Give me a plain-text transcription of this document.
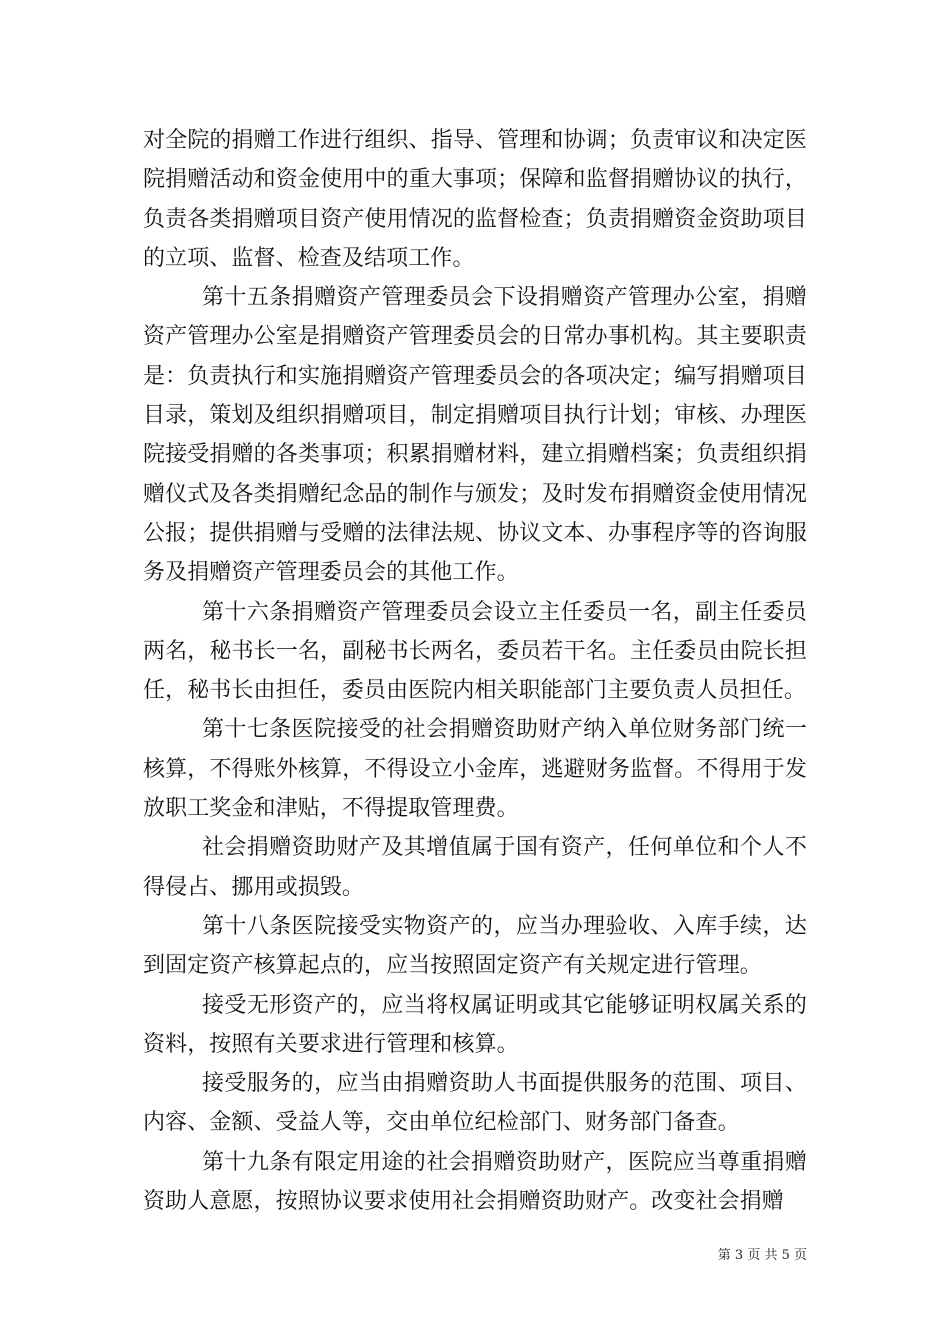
对全院的捐赠工作进行组织、指导、管理和协调；负责审议和决定医院捐赠活动和资金使用中的重大事项；保障和监督捐赠协议的执行，负责各类捐赠项目资产使用情况的监督检查；负责捐赠资金资助项目的立项、监督、检查及结项工作。

第十五条捐赠资产管理委员会下设捐赠资产管理办公室，捐赠资产管理办公室是捐赠资产管理委员会的日常办事机构。其主要职责是：负责执行和实施捐赠资产管理委员会的各项决定；编写捐赠项目目录，策划及组织捐赠项目，制定捐赠项目执行计划；审核、办理医院接受捐赠的各类事项；积累捐赠材料，建立捐赠档案；负责组织捐赠仪式及各类捐赠纪念品的制作与颁发；及时发布捐赠资金使用情况公报；提供捐赠与受赠的法律法规、协议文本、办事程序等的咨询服务及捐赠资产管理委员会的其他工作。

第十六条捐赠资产管理委员会设立主任委员一名，副主任委员两名，秘书长一名，副秘书长两名，委员若干名。主任委员由院长担任，秘书长由担任，委员由医院内相关职能部门主要负责人员担任。

第十七条医院接受的社会捐赠资助财产纳入单位财务部门统一核算，不得账外核算，不得设立小金库，逃避财务监督。不得用于发放职工奖金和津贴，不得提取管理费。

社会捐赠资助财产及其增值属于国有资产，任何单位和个人不得侵占、挪用或损毁。

第十八条医院接受实物资产的，应当办理验收、入库手续，达到固定资产核算起点的，应当按照固定资产有关规定进行管理。

接受无形资产的，应当将权属证明或其它能够证明权属关系的资料，按照有关要求进行管理和核算。

接受服务的，应当由捐赠资助人书面提供服务的范围、项目、内容、金额、受益人等，交由单位纪检部门、财务部门备查。

第十九条有限定用途的社会捐赠资助财产，医院应当尊重捐赠资助人意愿，按照协议要求使用社会捐赠资助财产。改变社会捐赠

第 3 页 共 5 页
